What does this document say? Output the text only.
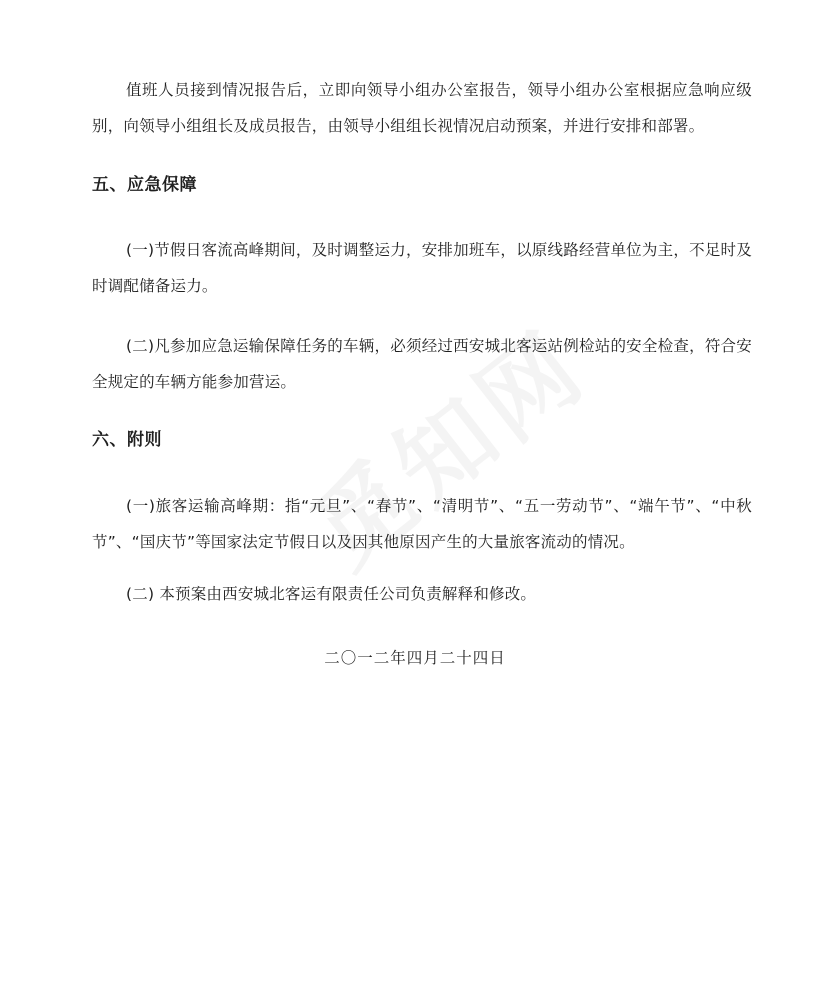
值班人员接到情况报告后，立即向领导小组办公室报告，领导小组办公室根据应急响应级别，向领导小组组长及成员报告，由领导小组组长视情况启动预案，并进行安排和部署。

五、应急保障

(一)节假日客流高峰期间，及时调整运力，安排加班车，以原线路经营单位为主，不足时及时调配储备运力。

(二)凡参加应急运输保障任务的车辆，必须经过西安城北客运站例检站的安全检查，符合安全规定的车辆方能参加营运。

六、附则

(一)旅客运输高峰期：指“元旦”、“春节”、“清明节”、“五一劳动节”、“端午节”、“中秋节”、“国庆节”等国家法定节假日以及因其他原因产生的大量旅客流动的情况。

(二) 本预案由西安城北客运有限责任公司负责解释和修改。

二〇一二年四月二十四日
